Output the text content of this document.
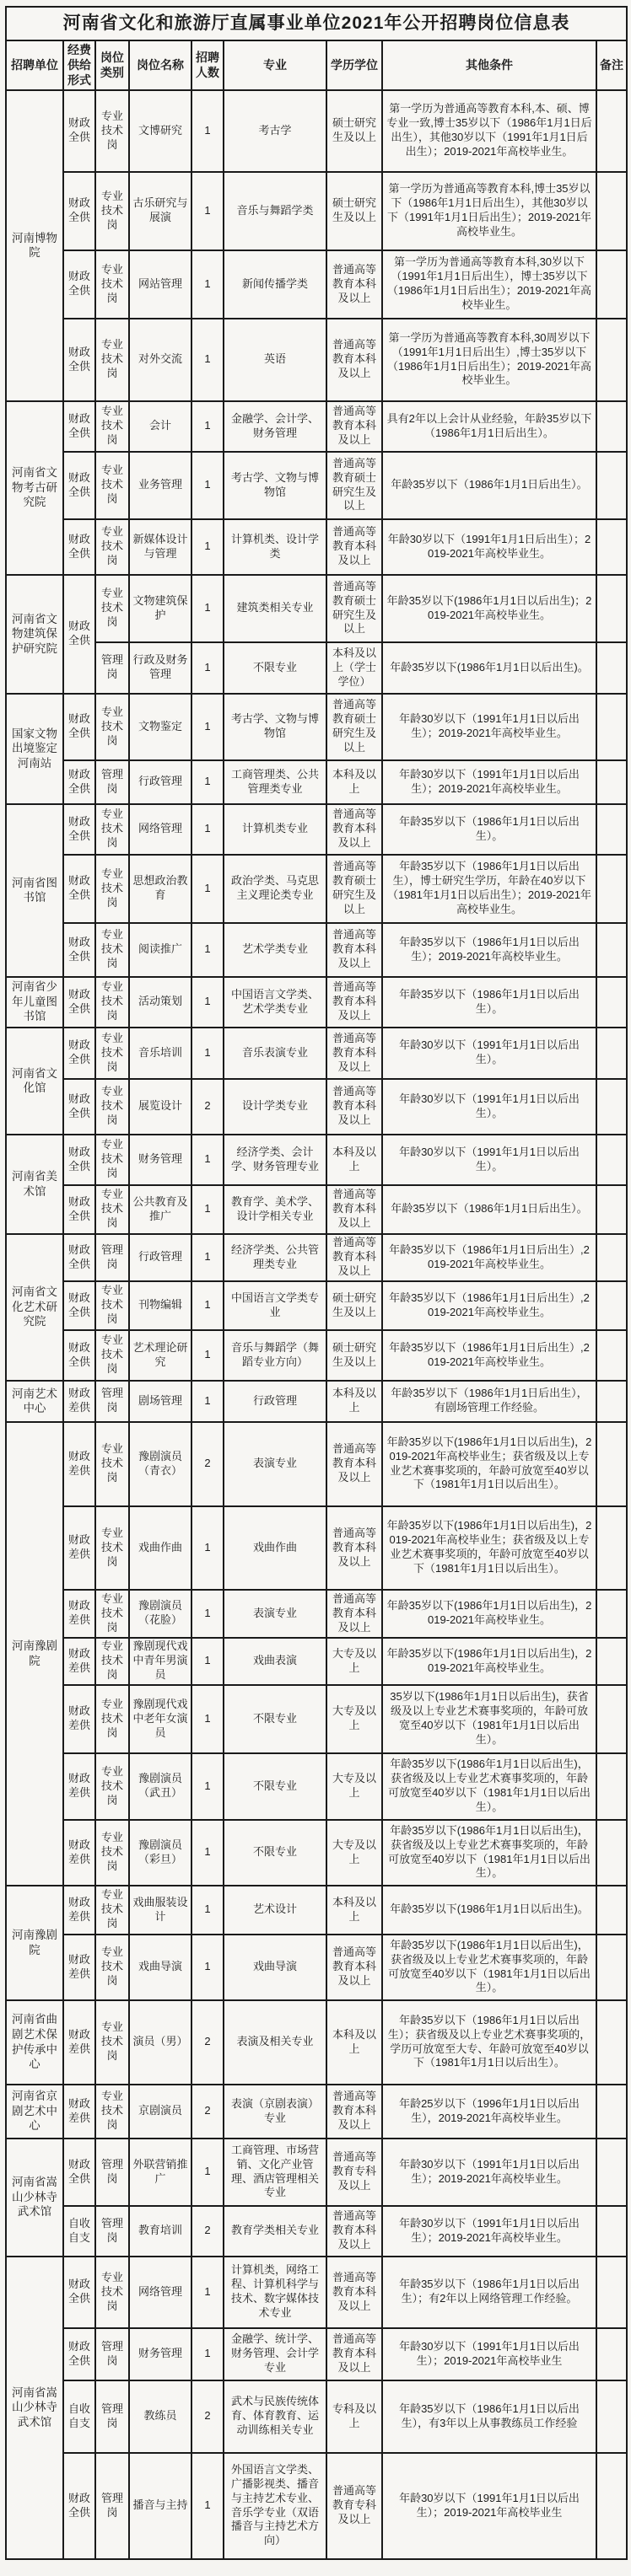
河南省文化和旅游厅直属事业单位2021年公开招聘岗位信息表								
招聘单位	经费供给形式	岗位类别	岗位名称	招聘人数	专业	学历学位	其他条件	备注
河南博物院	财政全供	专业技术岗	文博研究	1	考古学	硕士研究生及以上	第一学历为普通高等教育本科,本、硕、博专业一致,博士35岁以下（1986年1月1日后出生），其他30岁以下（1991年1月1日后出生）；2019-2021年高校毕业生。	
	财政全供	专业技术岗	古乐研究与展演	1	音乐与舞蹈学类	硕士研究生及以上	第一学历为普通高等教育本科,博士35岁以下（1986年1月1日后出生），其他30岁以下（1991年1月1日后出生）；2019-2021年高校毕业生。	
	财政全供	专业技术岗	网站管理	1	新闻传播学类	普通高等教育本科及以上	第一学历为普通高等教育本科,30岁以下（1991年1月1日后出生），博士35岁以下（1986年1月1日后出生）；2019-2021年高校毕业生。	
	财政全供	专业技术岗	对外交流	1	英语	普通高等教育本科及以上	第一学历为普通高等教育本科,30周岁以下（1991年1月1日后出生）,博士35岁以下（1986年1月1日后出生）；2019-2021年高校毕业生。	
河南省文物考古研究院	财政全供	专业技术岗	会计	1	金融学、会计学、财务管理	普通高等教育本科及以上	具有2年以上会计从业经验，年龄35岁以下（1986年1月1日后出生）。	
	财政全供	专业技术岗	业务管理	1	考古学、文物与博物馆	普通高等教育硕士研究生及以上	年龄35岁以下（1986年1月1日后出生）。	
	财政全供	专业技术岗	新媒体设计与管理	1	计算机类、设计学类	普通高等教育本科及以上	年龄30岁以下（1991年1月1日后出生）；2019-2021年高校毕业生。	
河南省文物建筑保护研究院	财政全供	专业技术岗	文物建筑保护	1	建筑类相关专业	普通高等教育硕士研究生及以上	年龄35岁以下(1986年1月1日以后出生)；2019-2021年高校毕业生。	
		管理岗	行政及财务管理	1	不限专业	本科及以上（学士学位）	年龄35岁以下(1986年1月1日以后出生)。	
国家文物出境鉴定河南站	财政全供	专业技术岗	文物鉴定	1	考古学、文物与博物馆	普通高等教育硕士研究生及以上	年龄30岁以下（1991年1月1日以后出生）；2019-2021年高校毕业生。	
	财政全供	管理岗	行政管理	1	工商管理类、公共管理类专业	本科及以上	年龄30岁以下（1991年1月1日以后出生）；2019-2021年高校毕业生。	
河南省图书馆	财政全供	专业技术岗	网络管理	1	计算机类专业	普通高等教育本科及以上	年龄35岁以下（1986年1月1日以后出生）。	
	财政全供	专业技术岗	思想政治教育	1	政治学类、马克思主义理论类专业	普通高等教育硕士研究生及以上	年龄35岁以下（1986年1月1日以后出生），博士研究生学历，年龄在40岁以下（1981年1月1日以后出生）；2019-2021年高校毕业生。	
	财政全供	专业技术岗	阅读推广	1	艺术学类专业	普通高等教育本科及以上	年龄35岁以下（1986年1月1日以后出生）；2019-2021年高校毕业生。	
河南省少年儿童图书馆	财政全供	专业技术岗	活动策划	1	中国语言文学类、艺术学类专业	普通高等教育本科及以上	年龄35岁以下（1986年1月1日以后出生）。	
河南省文化馆	财政全供	专业技术岗	音乐培训	1	音乐表演专业	普通高等教育本科及以上	年龄30岁以下（1991年1月1日以后出生）。	
	财政全供	专业技术岗	展览设计	2	设计学类专业	普通高等教育本科及以上	年龄30岁以下（1991年1月1日以后出生）。	
河南省美术馆	财政全供	专业技术岗	财务管理	1	经济学类、会计学、财务管理专业	本科及以上	年龄30岁以下（1991年1月1日以后出生）。	
	财政全供	专业技术岗	公共教育及推广	1	教育学、美术学、设计学相关专业	普通高等教育本科及以上	年龄35岁以下（1986年1月1日后出生）。	
河南省文化艺术研究院	财政全供	管理岗	行政管理	1	经济学类、公共管理类专业	普通高等教育本科及以上	年龄35岁以下（1986年1月1日后出生）,2019-2021年高校毕业生。	
	财政全供	专业技术岗	刊物编辑	1	中国语言文学类专业	硕士研究生及以上	年龄35岁以下（1986年1月1日后出生）,2019-2021年高校毕业生。	
	财政全供	专业技术岗	艺术理论研究	1	音乐与舞蹈学（舞蹈专业方向）	硕士研究生及以上	年龄35岁以下（1986年1月1日后出生）,2019-2021年高校毕业生。	
河南艺术中心	财政差供	管理岗	剧场管理	1	行政管理	本科及以上	年龄35岁以下（1986年1月1日后出生），有剧场管理工作经验。	
河南豫剧院	财政差供	专业技术岗	豫剧演员（青衣）	2	表演专业	普通高等教育本科及以上	年龄35岁以下(1986年1月1日以后出生)，2019-2021年高校毕业生；获省级及以上专业艺术赛事奖项的，年龄可放宽至40岁以下（1981年1月1日以后出生）。	
	财政差供	专业技术岗	戏曲作曲	1	戏曲作曲	普通高等教育本科及以上	年龄35岁以下(1986年1月1日以后出生)，2019-2021年高校毕业生；获省级及以上专业艺术赛事奖项的，年龄可放宽至40岁以下（1981年1月1日以后出生）。	
	财政差供	专业技术岗	豫剧演员（花脸）	1	表演专业	普通高等教育本科及以上	年龄35岁以下(1986年1月1日以后出生)，2019-2021年高校毕业生。	
	财政差供	专业技术岗	豫剧现代戏中青年男演员	1	戏曲表演	大专及以上	年龄35岁以下(1986年1月1日以后出生)，2019-2021年高校毕业生。	
	财政差供	专业技术岗	豫剧现代戏中老年女演员	1	不限专业	大专及以上	35岁以下(1986年1月1日以后出生)，获省级及以上专业艺术赛事奖项的，年龄可放宽至40岁以下（1981年1月1日以后出生）。	
	财政差供	专业技术岗	豫剧演员（武丑）	1	不限专业	大专及以上	年龄35岁以下(1986年1月1日以后出生)，获省级及以上专业艺术赛事奖项的，年龄可放宽至40岁以下（1981年1月1日以后出生）。	
	财政差供	专业技术岗	豫剧演员（彩旦）	1	不限专业	大专及以上	年龄35岁以下(1986年1月1日以后出生)，获省级及以上专业艺术赛事奖项的，年龄可放宽至40岁以下（1981年1月1日以后出生）。	
河南豫剧院	财政差供	专业技术岗	戏曲服装设计	1	艺术设计	本科及以上	年龄35岁以下(1986年1月1日以后出生)。	
	财政差供	专业技术岗	戏曲导演	1	戏曲导演	普通高等教育本科及以上	年龄35岁以下(1986年1月1日以后出生)，获省级及以上专业艺术赛事奖项的，年龄可放宽至40岁以下（1981年1月1日以后出生）。	
河南省曲剧艺术保护传承中心	财政差供	专业技术岗	演员（男）	2	表演及相关专业	本科及以上	年龄35岁以下（1986年1月1日以后出生）；获省级及以上专业艺术赛事奖项的，学历可放宽至大专、年龄可放宽至40岁以下（1981年1月1日以后出生）。	
河南省京剧艺术中心	财政差供	专业技术岗	京剧演员	2	表演（京剧表演）专业	普通高等教育本科及以上	年龄25岁以下（1996年1月1日以后出生），2019-2021年高校毕业生。	
河南省嵩山少林寺武术馆	财政全供	管理岗	外联营销推广	1	工商管理、市场营销、文化产业管理、酒店管理相关专业	普通高等教育专科及以上	年龄30岁以下（1991年1月1日以后出生）；2019-2021年高校毕业生。	
	自收自支	管理岗	教育培训	2	教育学类相关专业	普通高等教育本科及以上	年龄30岁以下（1991年1月1日以后出生）；2019-2021年高校毕业生。	
河南省嵩山少林寺武术馆	财政全供	专业技术岗	网络管理	1	计算机类，网络工程、计算机科学与技术、数字媒体技术专业	普通高等教育本科及以上	年龄35岁以下（1986年1月1日以后出生）；有2年以上网络管理工作经验。	
	财政全供	管理岗	财务管理	1	金融学、统计学、财务管理、会计学专业	普通高等教育本科及以上	年龄30岁以下（1991年1月1日以后出生）；2019-2021年高校毕业生	
	自收自支	管理岗	教练员	2	武术与民族传统体育、体育教育、运动训练相关专业	专科及以上	年龄35岁以下（1986年1月1日以后出生），有3年以上从事教练员工作经验	
	财政全供	管理岗	播音与主持	1	外国语言文学类、广播影视类、播音与主持艺术专业、音乐学专业（双语播音与主持艺术方向）	普通高等教育专科及以上	年龄30岁以下（1991年1月1日以后出生）；2019-2021年高校毕业生	
